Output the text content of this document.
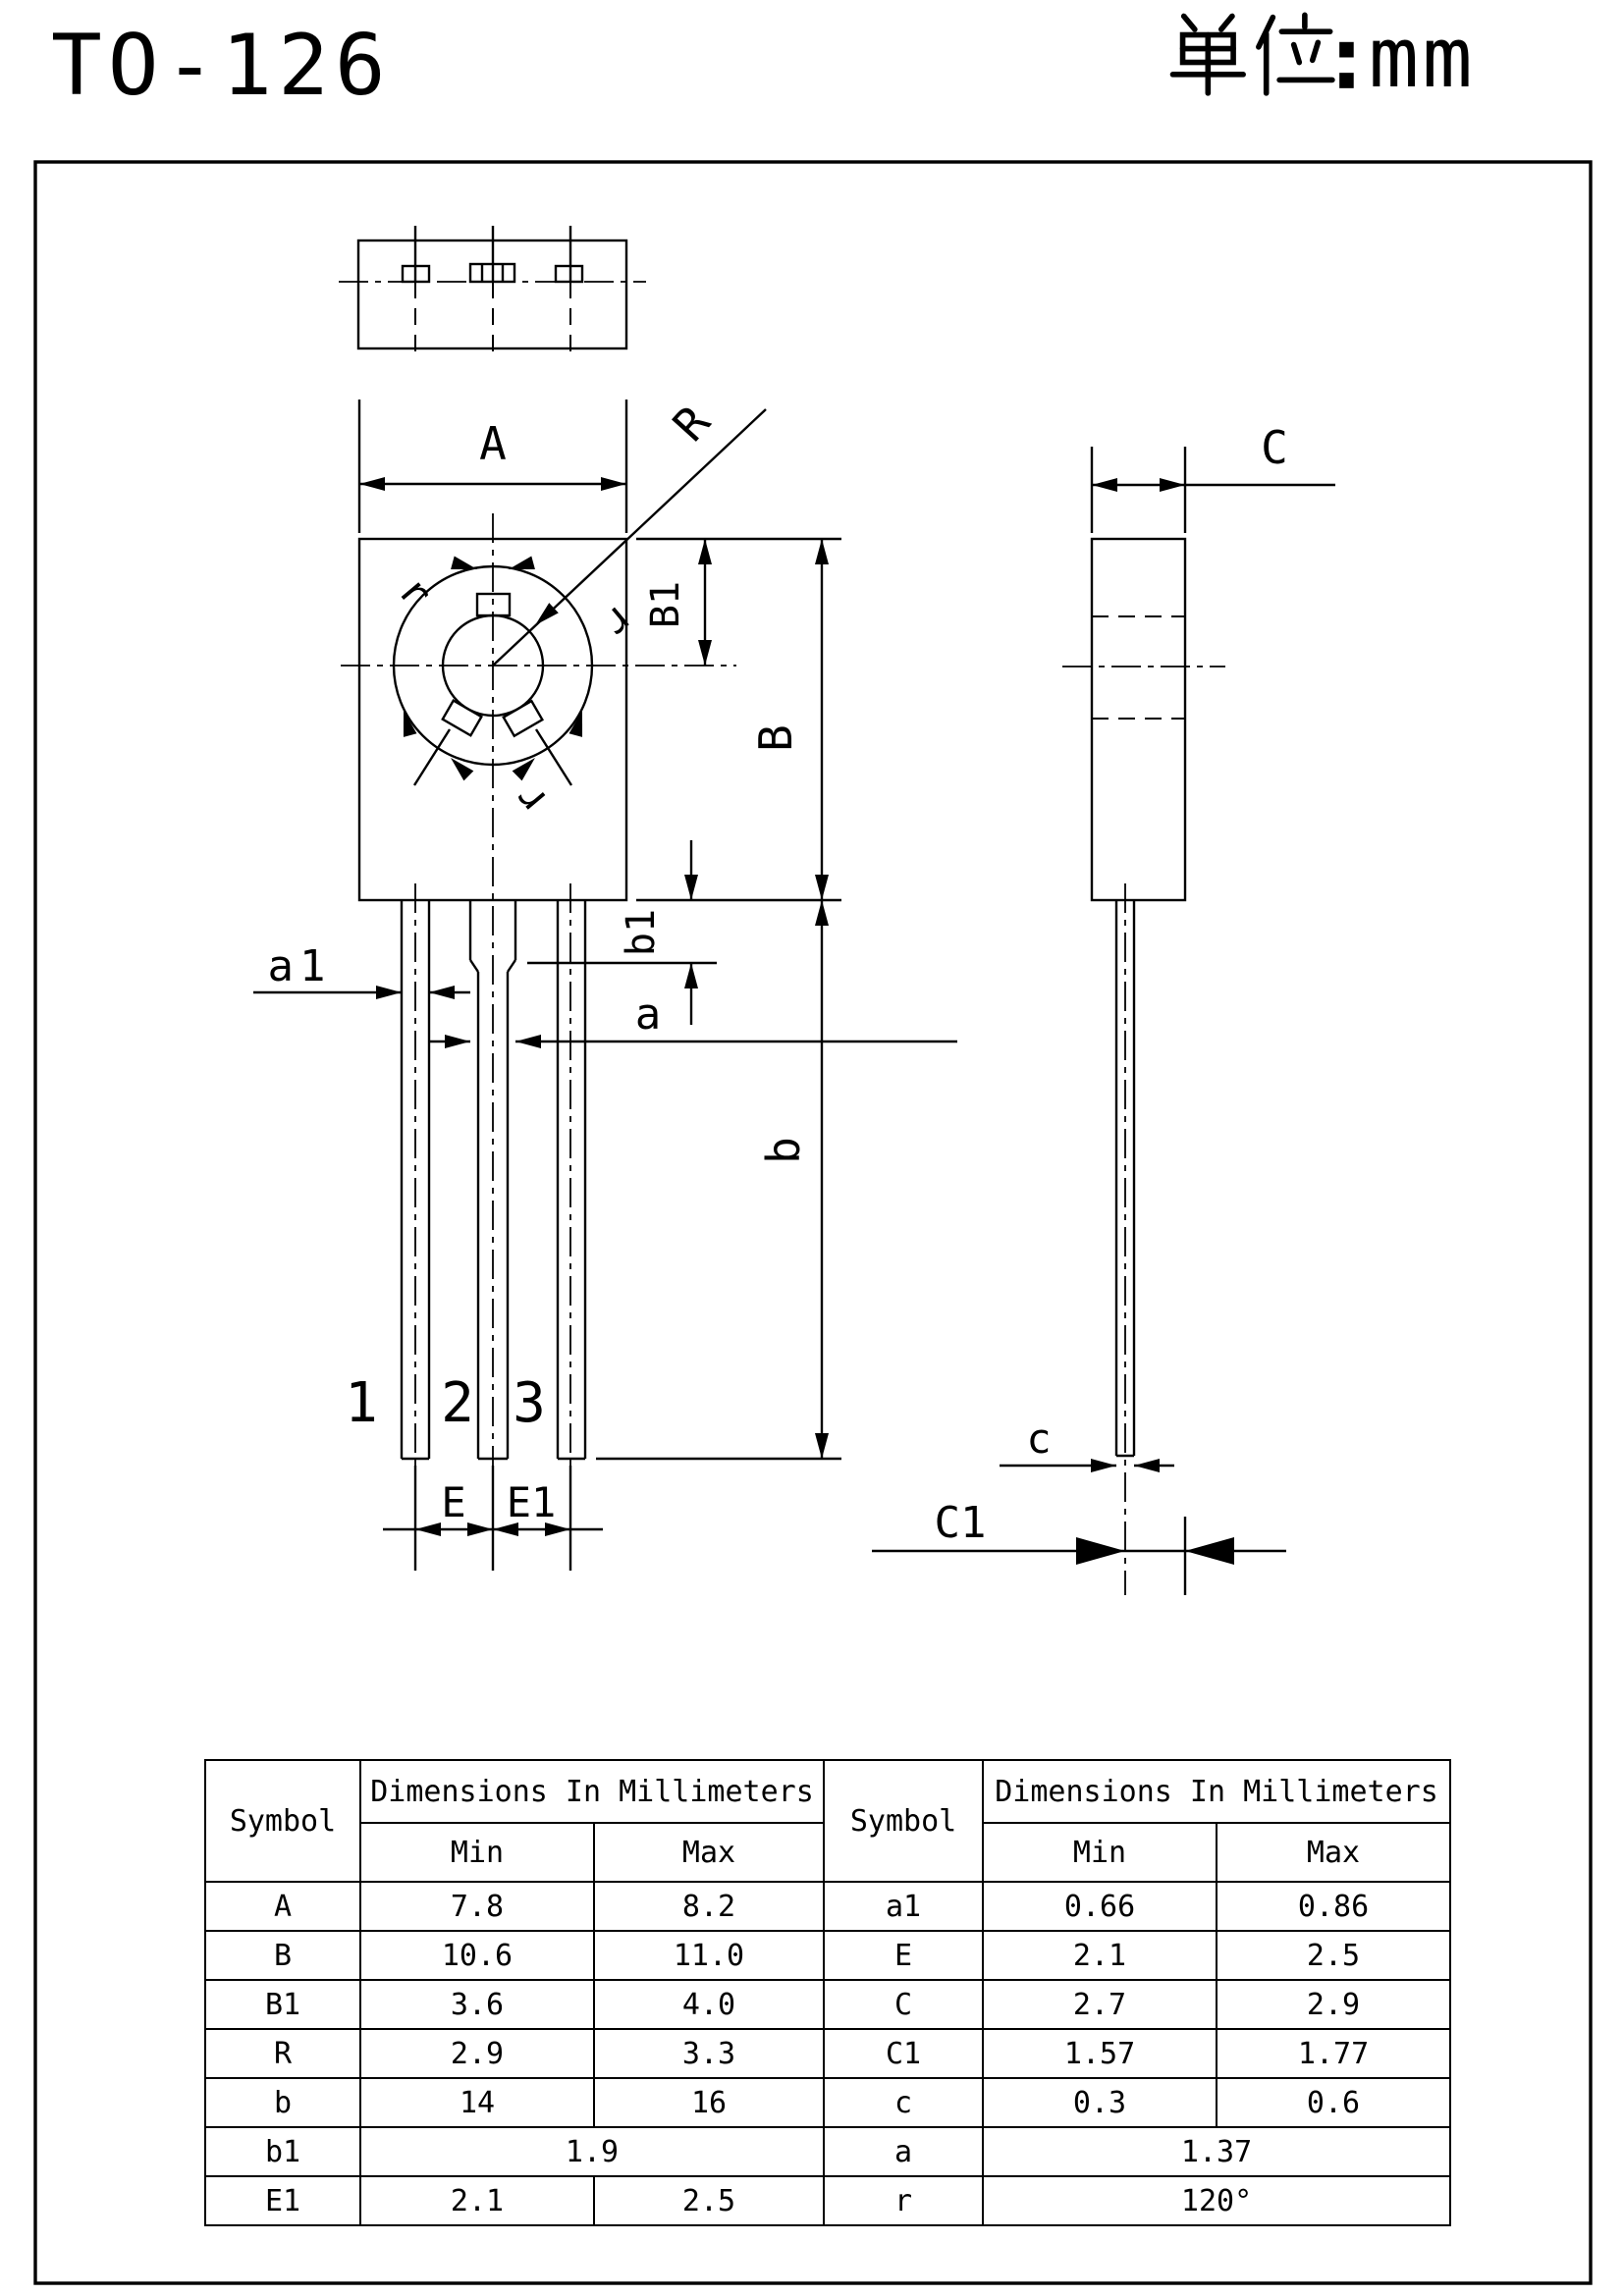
TO-126	mm
r
r
r
R
A
B1
B
b
b1
a1
a
1 2 3
E E1
C
c
C1
Symbol	Dimensions In Millimeters		Symbol	Dimensions In Millimeters	
	Min	Max		Min	Max
A	7.8	8.2	a1	0.66	0.86
B	10.6	11.0	E	2.1	2.5
B1	3.6	4.0	C	2.7	2.9
R	2.9	3.3	C1	1.57	1.77
b	14	16	c	0.3	0.6
b1	1.9		a	1.37	
E1	2.1	2.5	r	120°	
